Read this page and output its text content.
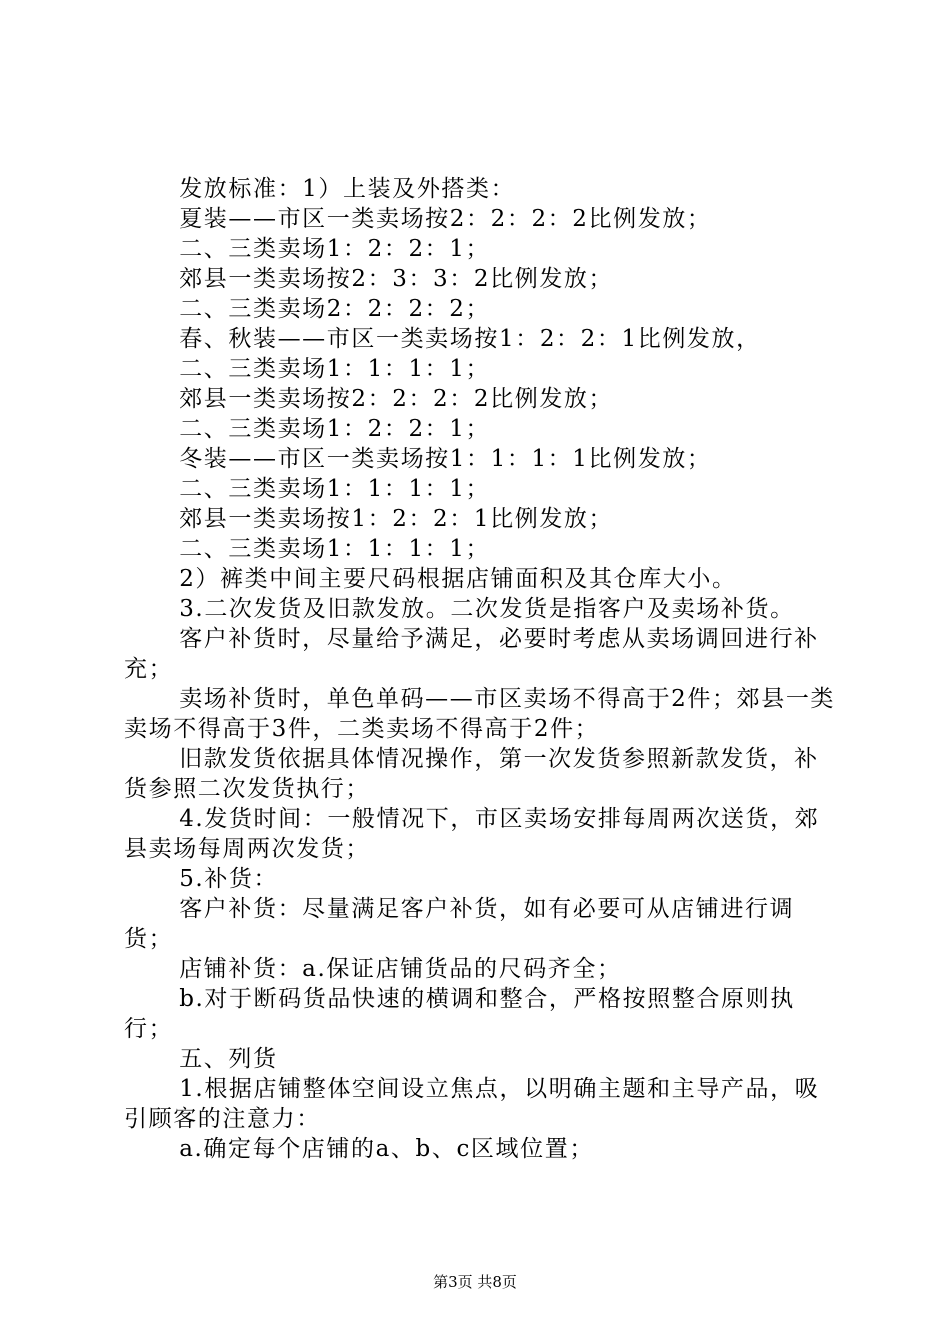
发放标准：1）上装及外搭类：

夏装——市区一类卖场按2：2：2：2比例发放；

二、三类卖场1：2：2：1；

郊县一类卖场按2：3：3：2比例发放；

二、三类卖场2：2：2：2；

春、秋装——市区一类卖场按1：2：2：1比例发放，

二、三类卖场1：1：1：1；

郊县一类卖场按2：2：2：2比例发放；

二、三类卖场1：2：2：1；

冬装——市区一类卖场按1：1：1：1比例发放；

二、三类卖场1：1：1：1；

郊县一类卖场按1：2：2：1比例发放；

二、三类卖场1：1：1：1；

2）裤类中间主要尺码根据店铺面积及其仓库大小。

3.二次发货及旧款发放。二次发货是指客户及卖场补货。

客户补货时，尽量给予满足，必要时考虑从卖场调回进行补充；

卖场补货时，单色单码——市区卖场不得高于2件；郊县一类卖场不得高于3件，二类卖场不得高于2件；

旧款发货依据具体情况操作，第一次发货参照新款发货，补货参照二次发货执行；

4.发货时间：一般情况下，市区卖场安排每周两次送货，郊县卖场每周两次发货；

5.补货：

客户补货：尽量满足客户补货，如有必要可从店铺进行调货；

店铺补货：a.保证店铺货品的尺码齐全；

b.对于断码货品快速的横调和整合，严格按照整合原则执行；

五、列货

1.根据店铺整体空间设立焦点，以明确主题和主导产品，吸引顾客的注意力：

a.确定每个店铺的a、b、c区域位置；

第3页 共8页
